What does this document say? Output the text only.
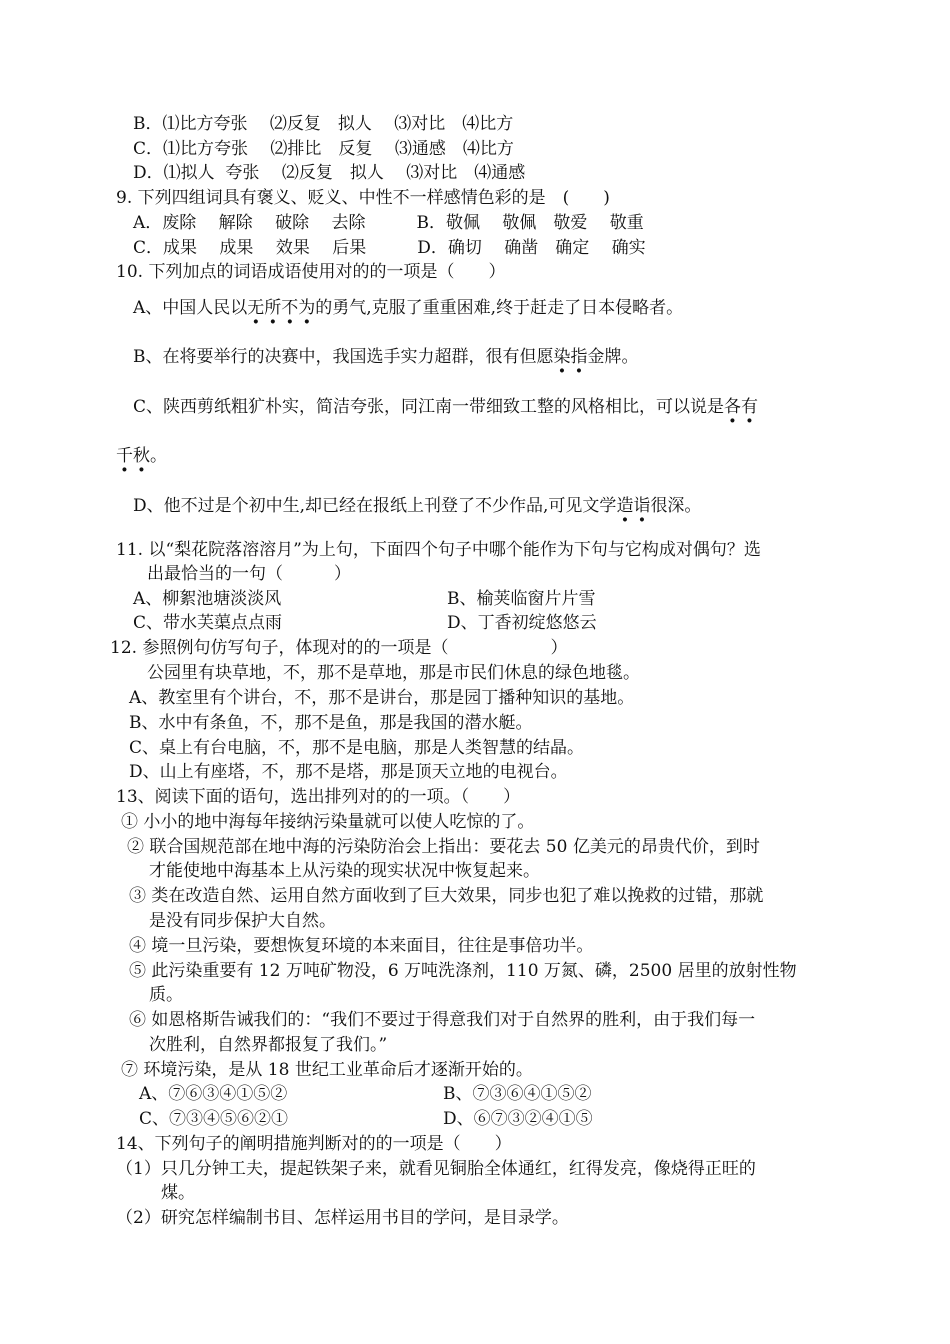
B．⑴比方夸张　 ⑵反复　拟人　 ⑶对比　⑷比方
C．⑴比方夸张　 ⑵排比　反复　 ⑶通感　⑷比方
D．⑴拟人  夸张　 ⑵反复　拟人　 ⑶对比　⑷通感
9. 下列四组词具有褒义、贬义、中性不一样感情色彩的是　(　　)
A．废除　 解除　 破除　 去除　　　B．敬佩　 敬佩　敬爱　 敬重
C．成果　 成果　 效果　 后果　　　D．确切　 确凿　确定　 确实
10. 下列加点的词语成语使用对的的一项是（　　）
A、中国人民以无所不为的勇气,克服了重重困难,终于赶走了日本侵略者。
B、在将要举行的决赛中，我国选手实力超群，很有但愿染指金牌。
C、陕西剪纸粗犷朴实，简洁夸张，同江南一带细致工整的风格相比，可以说是各有
千秋。
D、他不过是个初中生,却已经在报纸上刊登了不少作品,可见文学造诣很深。
11. 以“梨花院落溶溶月”为上句，下面四个句子中哪个能作为下句与它构成对偶句？选
出最恰当的一句（　　　）
A、柳絮池塘淡淡风	B、榆荚临窗片片雪
C、带水芙蕖点点雨	D、丁香初绽悠悠云
12. 参照例句仿写句子，体现对的的一项是（　　　　　　）
公园里有块草地，不，那不是草地，那是市民们休息的绿色地毯。
A、教室里有个讲台，不，那不是讲台，那是园丁播种知识的基地。
B、水中有条鱼，不，那不是鱼，那是我国的潜水艇。
C、桌上有台电脑，不，那不是电脑，那是人类智慧的结晶。
D、山上有座塔，不，那不是塔，那是顶天立地的电视台。
13、阅读下面的语句，选出排列对的的一项。（　　）
① 小小的地中海每年接纳污染量就可以使人吃惊的了。
② 联合国规范部在地中海的污染防治会上指出：要花去 50 亿美元的昂贵代价，到时
才能使地中海基本上从污染的现实状况中恢复起来。
③ 类在改造自然、运用自然方面收到了巨大效果，同步也犯了难以挽救的过错，那就
是没有同步保护大自然。
④ 境一旦污染，要想恢复环境的本来面目，往往是事倍功半。
⑤ 此污染重要有 12 万吨矿物没，6 万吨洗涤剂，110 万氮、磷，2500 居里的放射性物
质。
⑥ 如恩格斯告诫我们的：“我们不要过于得意我们对于自然界的胜利，由于我们每一
次胜利，自然界都报复了我们。”
⑦ 环境污染，是从 18 世纪工业革命后才逐渐开始的。
A、⑦⑥③④①⑤②	B、⑦③⑥④①⑤②
C、⑦③④⑤⑥②①	D、⑥⑦③②④①⑤
14、下列句子的阐明措施判断对的的一项是（　　）
（1）只几分钟工夫，提起铁架子来，就看见铜胎全体通红，红得发亮，像烧得正旺的
煤。
（2）研究怎样编制书目、怎样运用书目的学问，是目录学。
